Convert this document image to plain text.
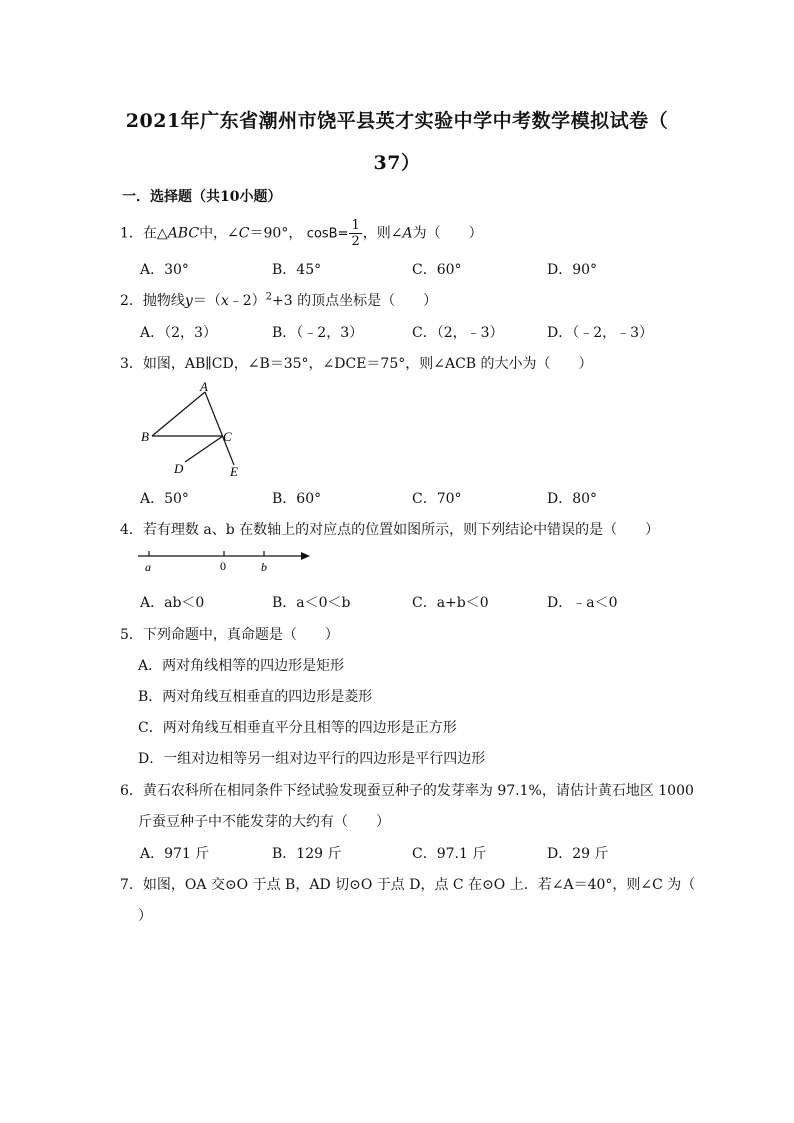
2021年广东省潮州市饶平县英才实验中学中考数学模拟试卷（
37）
一．选择题（共10小题）
1．在△ABC中，∠C＝90°， $\cos B= \frac{1}{2}$ ，则∠A为（　　）
A．30°	B．45°	C．60°	D．90°
2．抛物线y＝（x﹣2）$^2$+3 的顶点坐标是（　　）
A．（2，3）	B．（﹣2，3）	C．（2，﹣3）	D．（﹣2，﹣3）
3．如图，AB∥CD，∠B＝35°，∠DCE＝75°，则∠ACB 的大小为（　　）
A
B	C
D	E
A．50°	B．60°	C．70°	D．80°
4．若有理数 a、b 在数轴上的对应点的位置如图所示，则下列结论中错误的是（　　）
a	0	b
A．ab＜0	B．a＜0＜b	C．a+b＜0	D．﹣a＜0
5．下列命题中，真命题是（　　）
A．两对角线相等的四边形是矩形
B．两对角线互相垂直的四边形是菱形
C．两对角线互相垂直平分且相等的四边形是正方形
D．一组对边相等另一组对边平行的四边形是平行四边形
6．黄石农科所在相同条件下经试验发现蚕豆种子的发芽率为 97.1%，请估计黄石地区 1000
斤蚕豆种子中不能发芽的大约有（　　）
A．971 斤	B．129 斤	C．97.1 斤	D．29 斤
7．如图，OA 交⊙O 于点 B，AD 切⊙O 于点 D，点 C 在⊙O 上．若∠A＝40°，则∠C 为（
）
